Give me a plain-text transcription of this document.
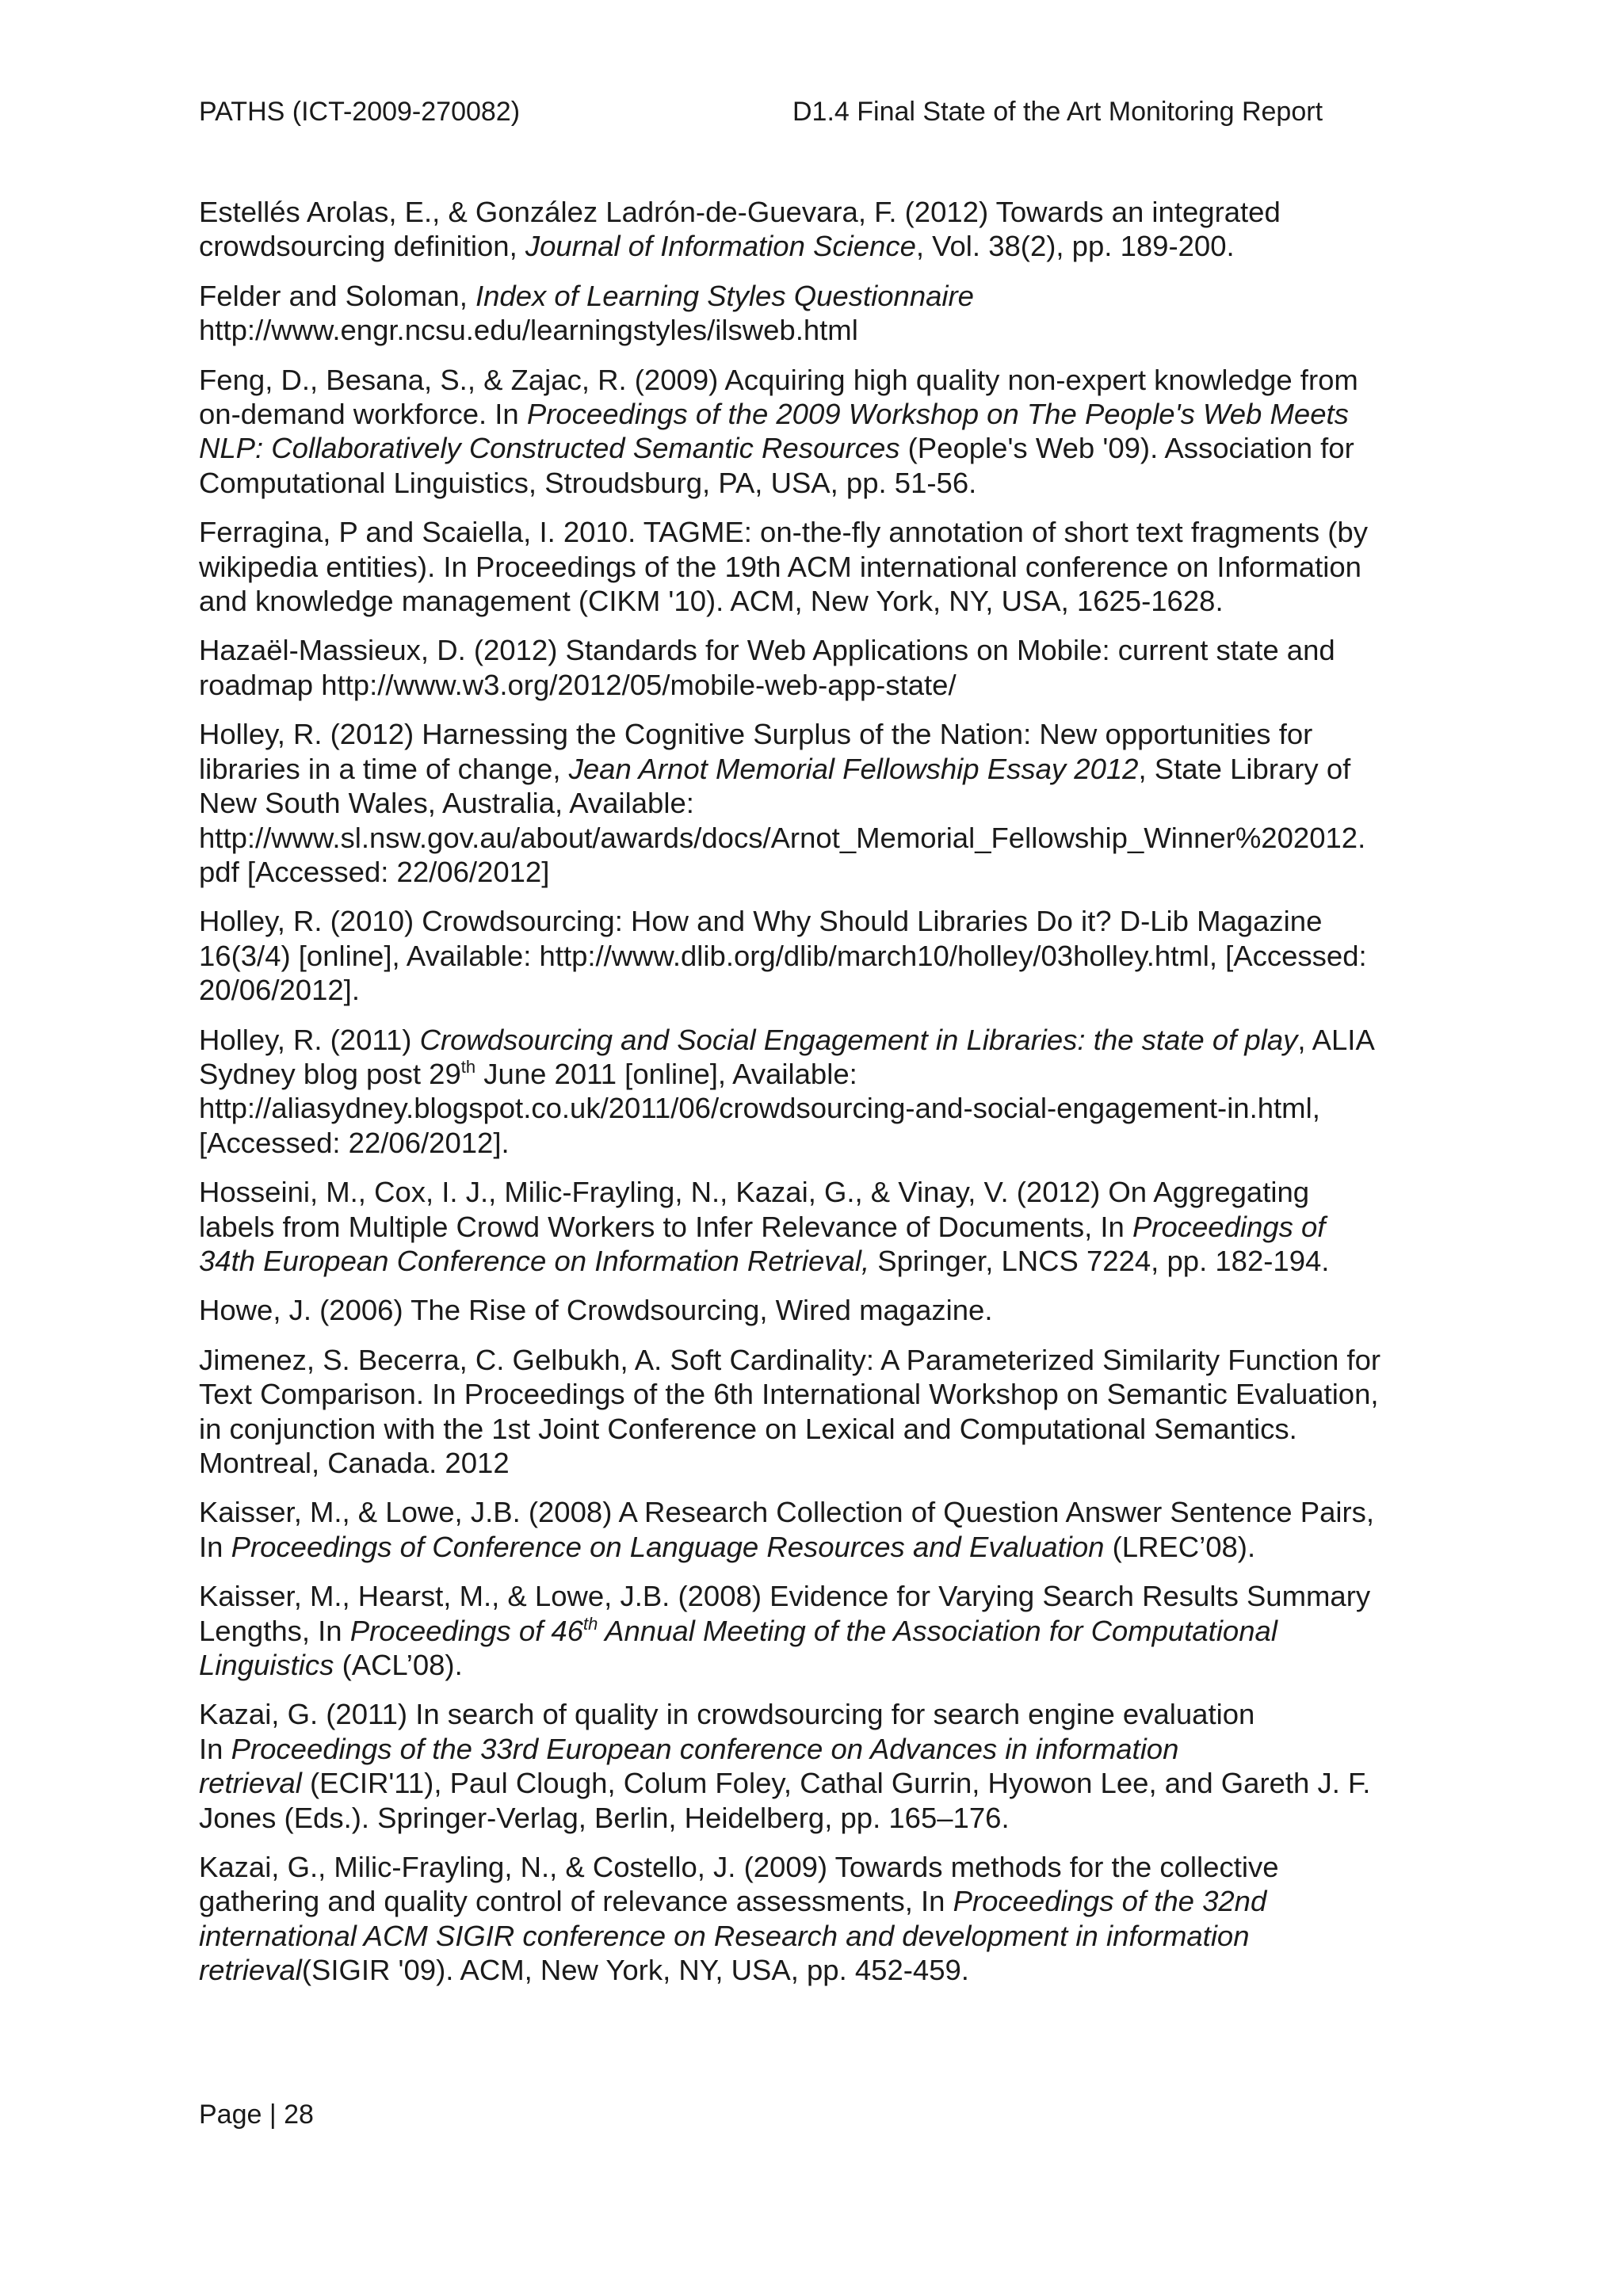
PATHS (ICT-2009-270082)	D1.4 Final State of the Art Monitoring Report

Estellés Arolas, E., & González Ladrón-de-Guevara, F. (2012) Towards an integrated

crowdsourcing definition, Journal of Information Science, Vol. 38(2), pp. 189-200.

Felder and Soloman, Index of Learning Styles Questionnaire

http://www.engr.ncsu.edu/learningstyles/ilsweb.html

Feng, D., Besana, S., & Zajac, R. (2009) Acquiring high quality non-expert knowledge from

on-demand workforce. In Proceedings of the 2009 Workshop on The People's Web Meets

NLP: Collaboratively Constructed Semantic Resources (People's Web '09). Association for

Computational Linguistics, Stroudsburg, PA, USA, pp. 51-56.

Ferragina, P and Scaiella, I. 2010. TAGME: on-the-fly annotation of short text fragments (by

wikipedia entities). In Proceedings of the 19th ACM international conference on Information

and knowledge management (CIKM '10). ACM, New York, NY, USA, 1625-1628.

Hazaël-Massieux, D. (2012) Standards for Web Applications on Mobile: current state and

roadmap http://www.w3.org/2012/05/mobile-web-app-state/

Holley, R. (2012) Harnessing the Cognitive Surplus of the Nation: New opportunities for

libraries in a time of change, Jean Arnot Memorial Fellowship Essay 2012, State Library of

New South Wales, Australia, Available:

http://www.sl.nsw.gov.au/about/awards/docs/Arnot_Memorial_Fellowship_Winner%202012.

pdf [Accessed: 22/06/2012]

Holley, R. (2010) Crowdsourcing: How and Why Should Libraries Do it? D-Lib Magazine

16(3/4) [online], Available: http://www.dlib.org/dlib/march10/holley/03holley.html, [Accessed:

20/06/2012].

Holley, R. (2011) Crowdsourcing and Social Engagement in Libraries: the state of play, ALIA

Sydney blog post 29th June 2011 [online], Available:

http://aliasydney.blogspot.co.uk/2011/06/crowdsourcing-and-social-engagement-in.html,

[Accessed: 22/06/2012].

Hosseini, M., Cox, I. J., Milic-Frayling, N., Kazai, G., & Vinay, V. (2012) On Aggregating

labels from Multiple Crowd Workers to Infer Relevance of Documents, In Proceedings of

34th European Conference on Information Retrieval, Springer, LNCS 7224, pp. 182-194.

Howe, J. (2006) The Rise of Crowdsourcing, Wired magazine.

Jimenez, S. Becerra, C. Gelbukh, A. Soft Cardinality: A Parameterized Similarity Function for

Text Comparison. In Proceedings of the 6th International Workshop on Semantic Evaluation,

in conjunction with the 1st Joint Conference on Lexical and Computational Semantics.

Montreal, Canada. 2012

Kaisser, M., & Lowe, J.B. (2008) A Research Collection of Question Answer Sentence Pairs,

In Proceedings of Conference on Language Resources and Evaluation (LREC’08).

Kaisser, M., Hearst, M., & Lowe, J.B. (2008) Evidence for Varying Search Results Summary

Lengths, In Proceedings of 46th Annual Meeting of the Association for Computational

Linguistics (ACL’08).

Kazai, G. (2011) In search of quality in crowdsourcing for search engine evaluation

In Proceedings of the 33rd European conference on Advances in information

retrieval (ECIR'11), Paul Clough, Colum Foley, Cathal Gurrin, Hyowon Lee, and Gareth J. F.

Jones (Eds.). Springer-Verlag, Berlin, Heidelberg, pp. 165–176.

Kazai, G., Milic-Frayling, N., & Costello, J. (2009) Towards methods for the collective

gathering and quality control of relevance assessments, In Proceedings of the 32nd

international ACM SIGIR conference on Research and development in information

retrieval(SIGIR '09). ACM, New York, NY, USA, pp. 452-459.

Page | 28
